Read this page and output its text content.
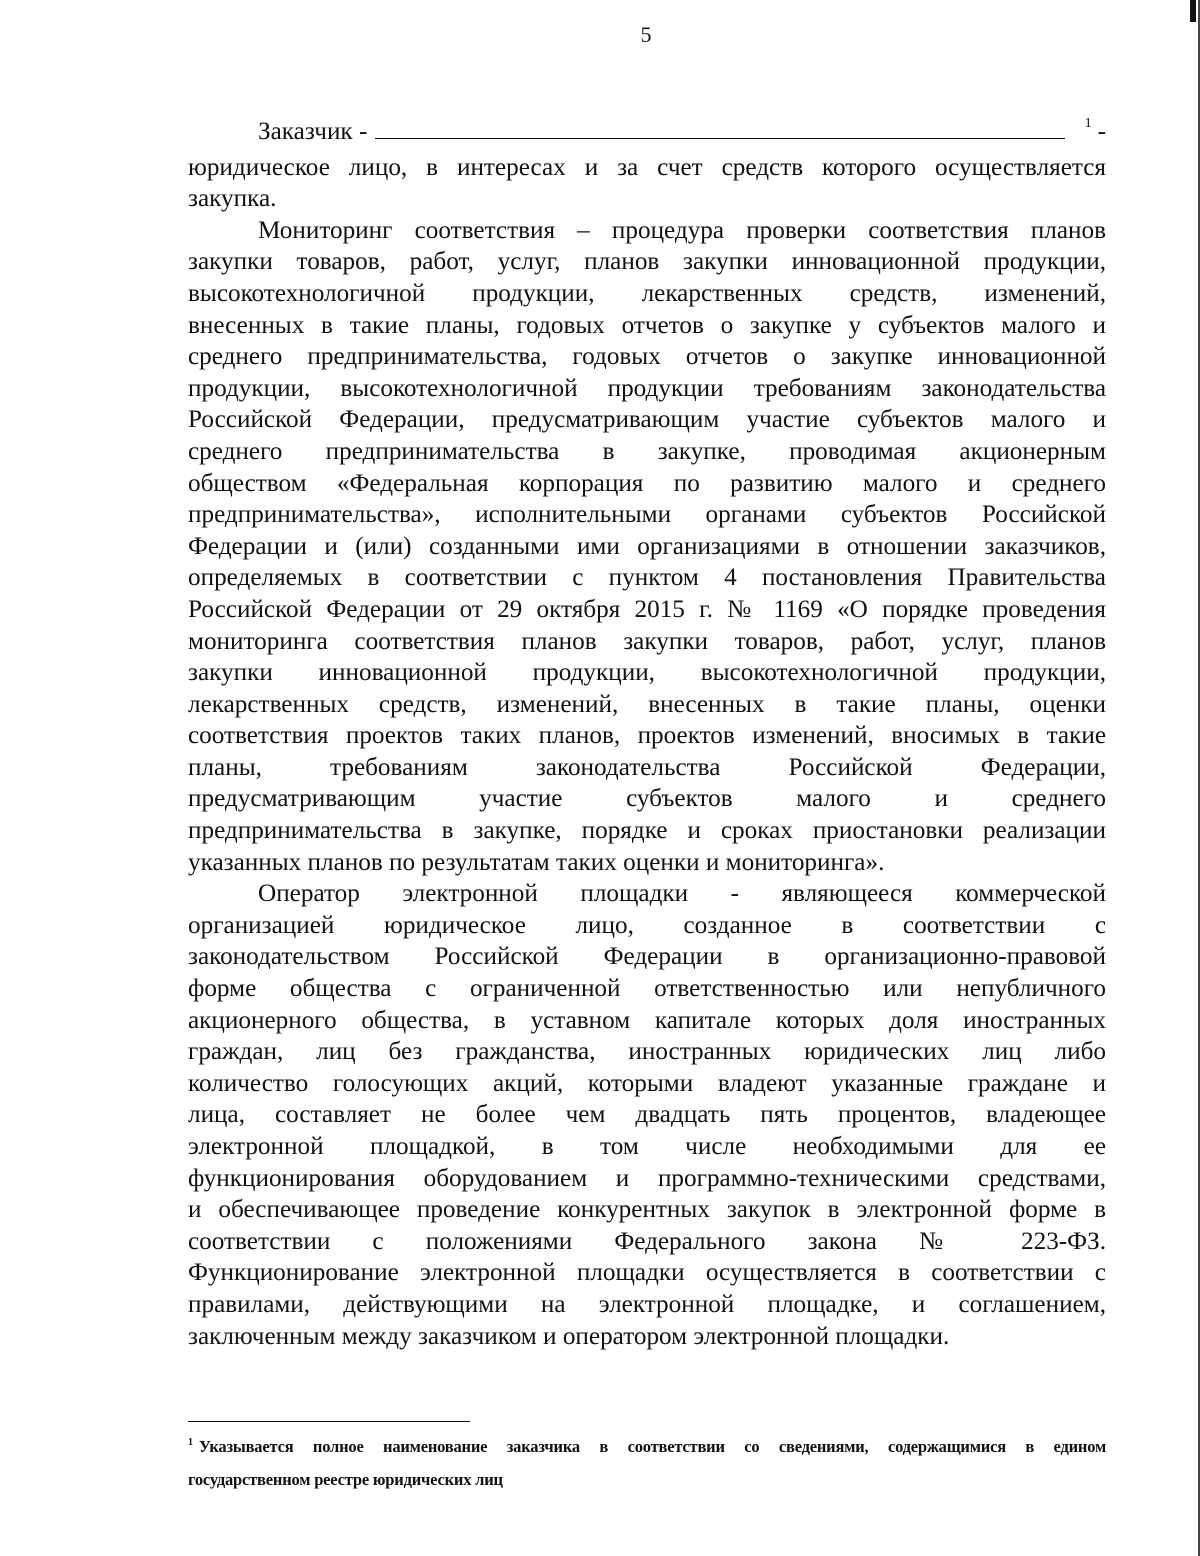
5
Заказчик -	1 -
юридическое лицо, в интересах и за счет средств которого осуществляется
закупка.
Мониторинг соответствия – процедура проверки соответствия планов
закупки товаров, работ, услуг, планов закупки инновационной продукции,
высокотехнологичной продукции, лекарственных средств, изменений,
внесенных в такие планы, годовых отчетов о закупке у субъектов малого и
среднего предпринимательства, годовых отчетов о закупке инновационной
продукции, высокотехнологичной продукции требованиям законодательства
Российской Федерации, предусматривающим участие субъектов малого и
среднего предпринимательства в закупке, проводимая акционерным
обществом «Федеральная корпорация по развитию малого и среднего
предпринимательства», исполнительными органами субъектов Российской
Федерации и (или) созданными ими организациями в отношении заказчиков,
определяемых в соответствии с пунктом 4 постановления Правительства
Российской Федерации от 29 октября 2015 г. № 1169 «О порядке проведения
мониторинга соответствия планов закупки товаров, работ, услуг, планов
закупки инновационной продукции, высокотехнологичной продукции,
лекарственных средств, изменений, внесенных в такие планы, оценки
соответствия проектов таких планов, проектов изменений, вносимых в такие
планы, требованиям законодательства Российской Федерации,
предусматривающим участие субъектов малого и среднего
предпринимательства в закупке, порядке и сроках приостановки реализации
указанных планов по результатам таких оценки и мониторинга».
Оператор электронной площадки - являющееся коммерческой
организацией юридическое лицо, созданное в соответствии с
законодательством Российской Федерации в организационно-правовой
форме общества с ограниченной ответственностью или непубличного
акционерного общества, в уставном капитале которых доля иностранных
граждан, лиц без гражданства, иностранных юридических лиц либо
количество голосующих акций, которыми владеют указанные граждане и
лица, составляет не более чем двадцать пять процентов, владеющее
электронной площадкой, в том числе необходимыми для ее
функционирования оборудованием и программно-техническими средствами,
и обеспечивающее проведение конкурентных закупок в электронной форме в
соответствии с положениями Федерального закона № 223-ФЗ.
Функционирование электронной площадки осуществляется в соответствии с
правилами, действующими на электронной площадке, и соглашением,
заключенным между заказчиком и оператором электронной площадки.
$^1$ Указывается полное наименование заказчика в соответствии со сведениями, содержащимися в едином
государственном реестре юридических лиц
